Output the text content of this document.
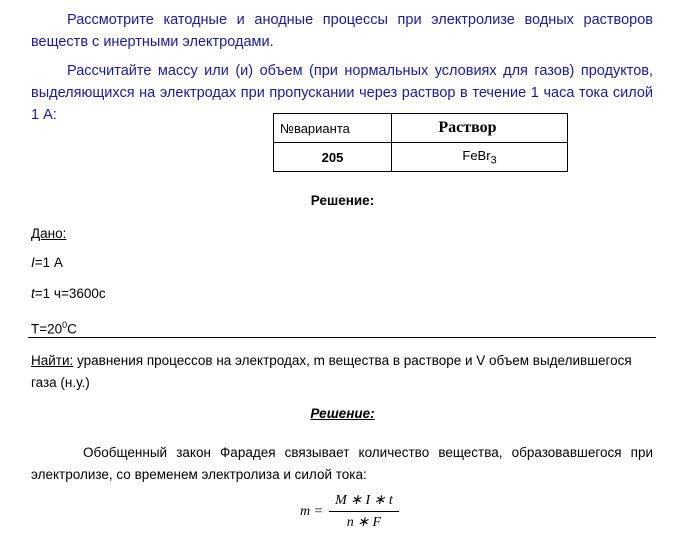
Рассмотрите катодные и анодные процессы при электролизе водных растворов веществ с инертными электродами.
Рассчитайте массу или (и) объем (при нормальных условиях для газов) продуктов, выделяющихся на электродах при пропускании через раствор в течение 1 часа тока силой 1 А:
№варианта	Раствор
205	FeBr$_3$
Решение:
Дано:
I=1 А
t=1 ч=3600с
$T=20^0С$
Найти: уравнения процессов на электродах, m вещества в растворе и V объем выделившегося газа (н.у.)
Решение:
Обобщенный закон Фарадея связывает количество вещества, образовавшегося при электролизе, со временем электролиза и силой тока:
$m = \frac{M ∗ I ∗ t}{n ∗ F}$
